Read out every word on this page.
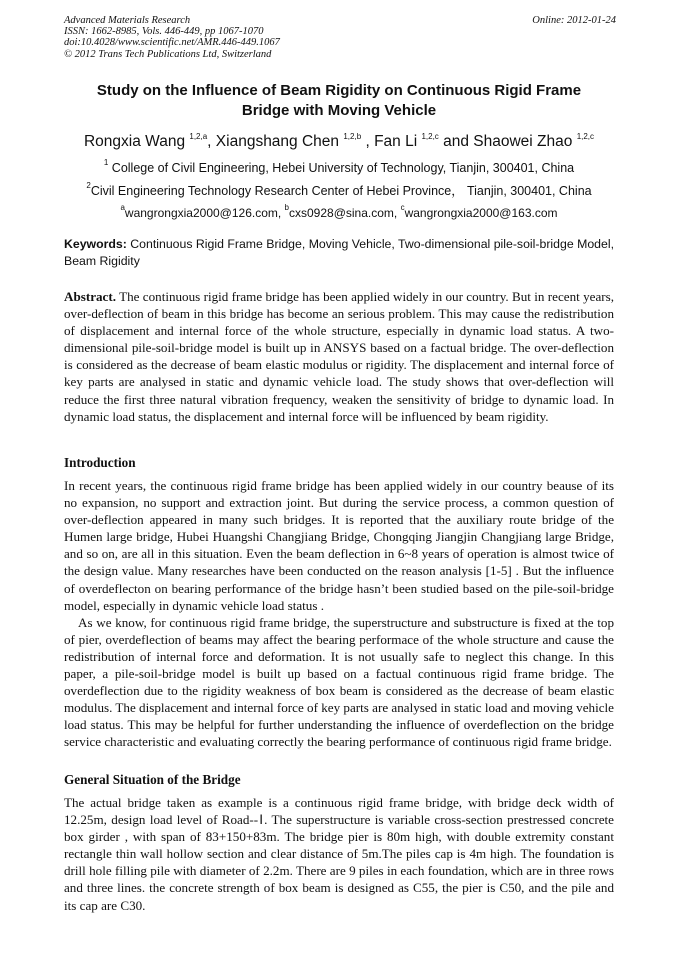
Advanced Materials Research
ISSN: 1662-8985, Vols. 446-449, pp 1067-1070
doi:10.4028/www.scientific.net/AMR.446-449.1067
© 2012 Trans Tech Publications Ltd, Switzerland
Online: 2012-01-24
Study on the Influence of Beam Rigidity on Continuous Rigid Frame
Bridge with Moving Vehicle
Rongxia Wang $^{1,2,a}$, Xiangshang Chen $^{1,2,b}$ , Fan Li $^{1,2,c}$ and Shaowei Zhao $^{1,2,c}$
$^1$ College of Civil Engineering, Hebei University of Technology, Tianjin, 300401, China
$^2$Civil Engineering Technology Research Center of Hebei Province， Tianjin, 300401, China
$^a$wangrongxia2000@126.com, $^b$cxs0928@sina.com, $^c$wangrongxia2000@163.com
Keywords: Continuous Rigid Frame Bridge, Moving Vehicle, Two-dimensional pile-soil-bridge Model, Beam Rigidity

Abstract. The continuous rigid frame bridge has been applied widely in our country. But in recent years, over-deflection of beam in this bridge has become an serious problem. This may cause the redistribution of displacement and internal force of the whole structure, especially in dynamic load status. A two-dimensional pile-soil-bridge model is built up in ANSYS based on a factual bridge. The over-deflection is considered as the decrease of beam elastic modulus or rigidity. The displacement and internal force of key parts are analysed in static and dynamic vehicle load. The study shows that over-deflection will reduce the first three natural vibration frequency, weaken the sensitivity of bridge to dynamic load. In dynamic load status, the displacement and internal force will be influenced by beam rigidity.

Introduction

In recent years, the continuous rigid frame bridge has been applied widely in our country beause of its no expansion, no support and extraction joint. But during the service process, a common question of over-deflection appeared in many such bridges. It is reported that the auxiliary route bridge of the Humen large bridge, Hubei Huangshi Changjiang Bridge, Chongqing Jiangjin Changjiang large Bridge, and so on, are all in this situation. Even the beam deflection in 6~8 years of operation is almost twice of the design value. Many researches have been conducted on the reason analysis [1-5] . But the influence of overdeflecton on bearing performance of the bridge hasn’t been studied based on the pile-soil-bridge model, especially in dynamic vehicle load status .

As we know, for continuous rigid frame bridge, the superstructure and substructure is fixed at the top of pier, overdeflection of beams may affect the bearing performace of the whole structure and cause the redistribution of internal force and deformation. It is not usually safe to neglect this change. In this paper, a pile-soil-bridge model is built up based on a factual continuous rigid frame bridge. The overdeflection due to the rigidity weakness of box beam is considered as the decrease of beam elastic modulus. The displacement and internal force of key parts are analysed in static load and moving vehicle load status. This may be helpful for further understanding the influence of overdeflection on the bridge service characteristic and evaluating correctly the bearing performance of continuous rigid frame bridge.

General Situation of the Bridge

The actual bridge taken as example is a continuous rigid frame bridge, with bridge deck width of 12.25m, design load level of Road--Ⅰ. The superstructure is variable cross-section prestressed concrete box girder , with span of 83+150+83m. The bridge pier is 80m high, with double extremity constant rectangle thin wall hollow section and clear distance of 5m.The piles cap is 4m high. The foundation is drill hole filling pile with diameter of 2.2m. There are 9 piles in each foundation, which are in three rows and three lines. the concrete strength of box beam is designed as C55, the pier is C50, and the pile and its cap are C30.
